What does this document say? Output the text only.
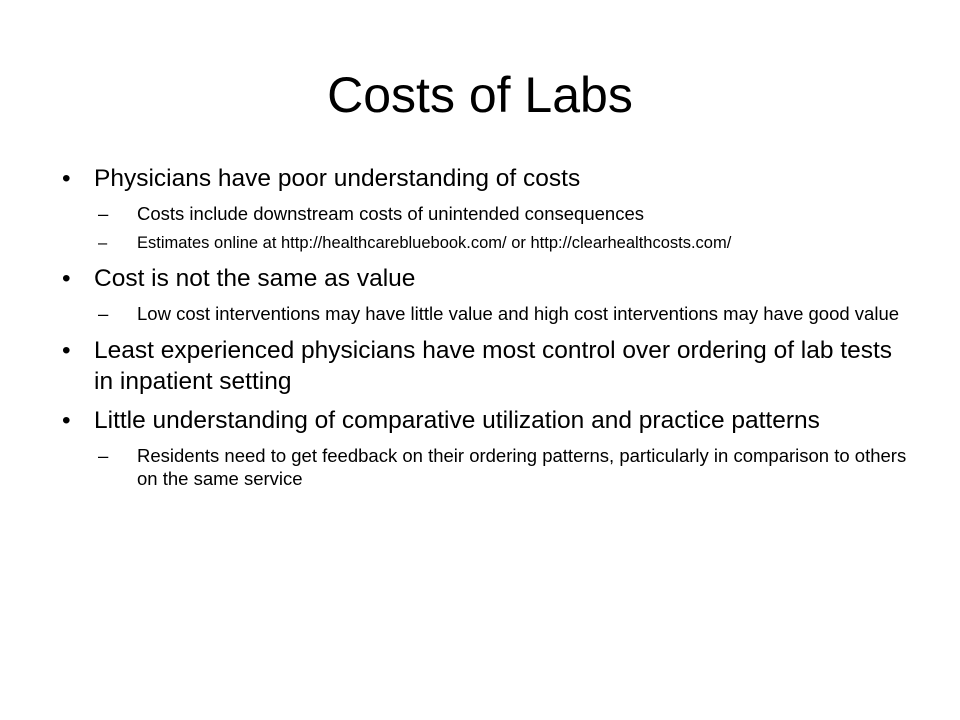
Costs of Labs
• Physicians have poor understanding of costs
–	Costs include downstream costs of unintended consequences
–	Estimates online at http://healthcarebluebook.com/ or http://clearhealthcosts.com/
• Cost is not the same as value
–	Low cost interventions may have little value and high cost interventions may have good value
• Least experienced physicians have most control over ordering of lab tests in inpatient setting
• Little understanding of comparative utilization and practice patterns
–	Residents need to get feedback on their ordering patterns, particularly in comparison to others on the same service
